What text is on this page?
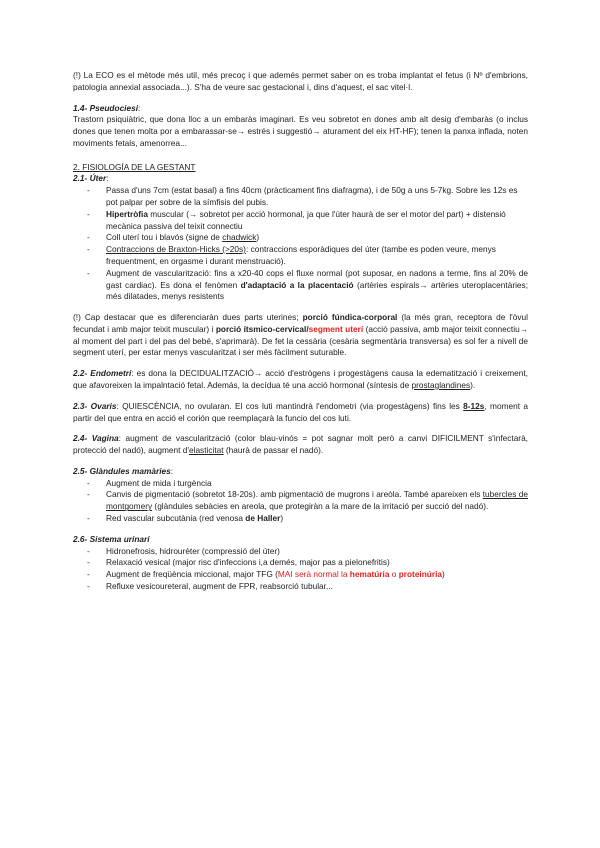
(!) La ECO es el mètode més util, més precoç i que ademés permet saber on es troba implantat el fetus (i Nº d'embrions, patología annexial associada...). S'ha de veure sac gestacional i, dins d'aquest, el sac vitel·l.

1.4- Pseudociesi:

Trastorn psiquiàtric, que dona lloc a un embaràs imaginari. Es veu sobretot en dones amb alt desig d'embaràs (o inclus dones que tenen molta por a embarassar-se→ estrés i suggestió→ aturament del eix HT-HF); tenen la panxa inflada, noten moviments fetals, amenorrea...

2. FISIOLOGÍA DE LA GESTANT

2.1- Úter:

- Passa d'uns 7cm (estat basal) a fins 40cm (pràcticament fins diafragma), i de 50g a uns 5-7kg. Sobre les 12s es pot palpar per sobre de la símfisis del pubis.
- Hipertròfia muscular (→ sobretot per acció hormonal, ja que l'úter haurà de ser el motor del part) + distensió mecànica passiva del teixit connectiu
- Coll uterí tou i blavós (signe de chadwick)
- Contraccions de Braxton-Hicks (>20s): contraccions esporàdiques del úter (tambe es poden veure, menys frequentment, en orgasme i durant menstruació).
- Augment de vascularització: fins a x20-40 cops el fluxe normal (pot suposar, en nadons a terme, fins al 20% de gast cardiac). Es dona el fenòmen d'adaptació a la placentació (artèries espirals→ artèries uteroplacentàries; més dilatades, menys resistents

(!) Cap destacar que es diferenciaràn dues parts uterines; porció fúndica-corporal (la més gran, receptora de l'òvul fecundat i amb major teixit muscular) i porció ítsmico-cervical/segment uterí (acció passiva, amb major teixit connectiu→ al moment del part i del pas del bebé, s'aprimarà). De fet la cessària (cesària segmentària transversa) es sol fer a nivell de segment uterí, per estar menys vascularitzat i ser més fàcilment suturable.

2.2- Endometri: es dona la DECIDUALITZACIÓ→ acció d'estrògens i progestàgens causa la edematització i creixement, que afavoreixen la impalntació fetal. Además, la decídua té una acció hormonal (síntesis de prostaglandines).

2.3- Ovaris: QUIESCÈNCIA, no ovularan. El cos luti mantindrà l'endometri (via progestàgens) fins les 8-12s, moment a partir del que entra en acció el corión que reemplaçarà la funcio del cos luti.

2.4- Vagina: augment de vascularització (color blau-vinós = pot sagnar molt però a canvi DIFICILMENT s'infectarà, protecció del nadó), augment d'elasticitat (haurà de passar el nadó).

2.5- Glàndules mamàries:

- Augment de mida i turgència
- Canvis de pigmentació (sobretot 18-20s). amb pigmentació de mugrons i areòla. També apareixen els tubercles de montgomery (glàndules sebàcies en areola, que protegiràn a la mare de la irritació per succió del nadó).
- Red vascular subcutània (red venosa de Haller)

2.6- Sistema urinari

- Hidronefrosis, hidrourèter (compressió del úter)
- Relaxació vesical (major risc d'infeccions i,a demés, major pas a pielonefritis)
- Augment de freqüència miccional, major TFG (MAI serà normal la hematúria o proteinúria)
- Refluxe vesicoureteral, augment de FPR, reabsorció tubular...
